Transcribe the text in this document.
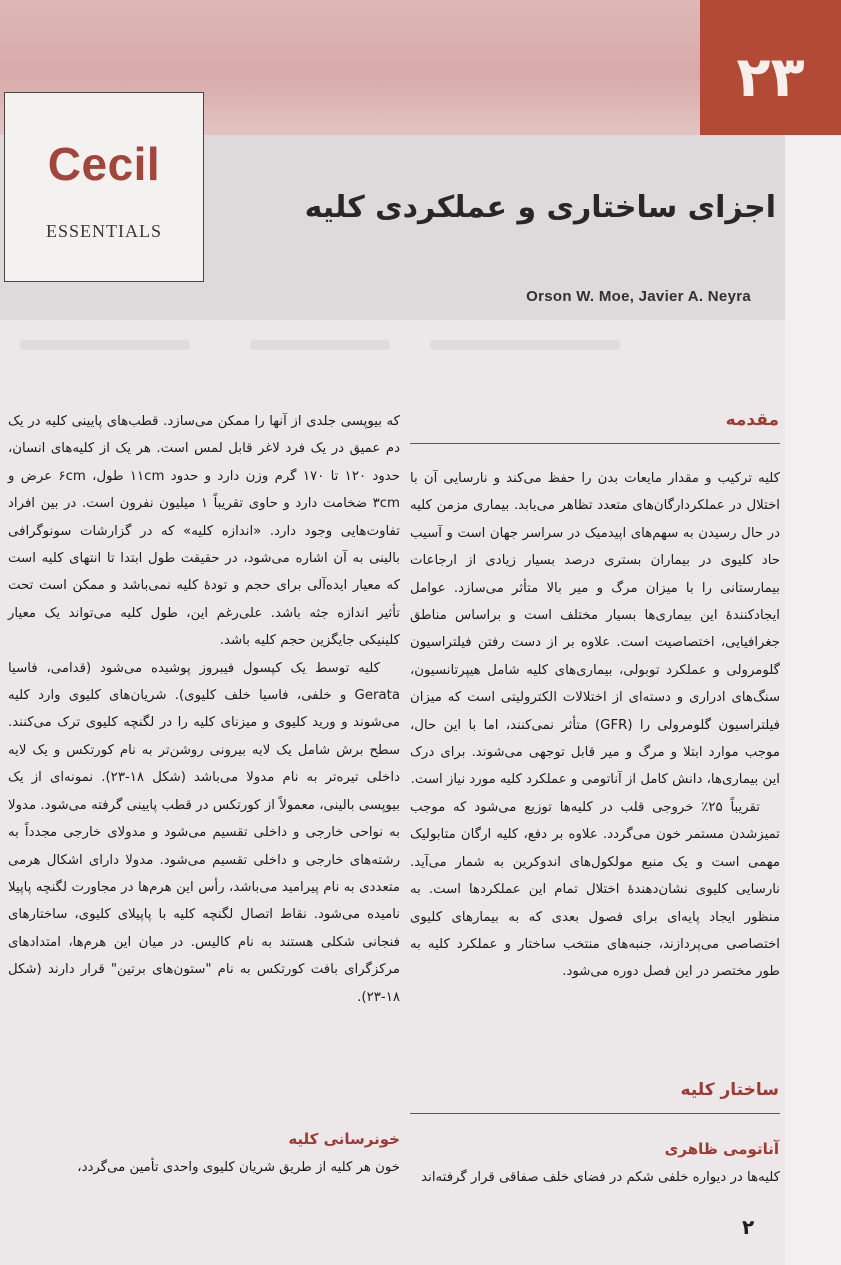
۲۳
Cecil
ESSENTIALS
اجزای ساختاری و عملکردی کلیه
Orson W. Moe, Javier A. Neyra
مقدمه

کلیه ترکیب و مقدار مایعات بدن را حفظ می‌کند و نارسایی آن با اختلال در عملکردارگان‌های متعدد تظاهر می‌یابد. بیماری مزمن کلیه در حال رسیدن به سهم‌های اپیدمیک در سراسر جهان است و آسیب حاد کلیوی در بیماران بستری درصد بسیار زیادی از ارجاعات بیمارستانی را با میزان مرگ و میر بالا متأثر می‌سازد. عوامل ایجادکنندهٔ این بیماری‌ها بسیار مختلف است و براساس مناطق جغرافیایی، اختصاصیت است. علاوه بر از دست رفتن فیلتراسیون گلومرولی و عملکرد توبولی، بیماری‌های کلیه شامل هیپرتانسیون، سنگ‌های ادراری و دسته‌ای از اختلالات الکترولیتی است که میزان فیلتراسیون گلومرولی را (GFR) متأثر نمی‌کنند، اما با این حال، موجب موارد ابتلا و مرگ و میر قابل توجهی می‌شوند. برای درک این بیماری‌ها، دانش کامل از آناتومی و عملکرد کلیه مورد نیاز است.

تقریباً ۲۵٪ خروجی قلب در کلیه‌ها توزیع می‌شود که موجب تمیزشدن مستمر خون می‌گردد. علاوه بر دفع، کلیه ارگان متابولیک مهمی است و یک منبع مولکول‌های اندوکرین به شمار می‌آید. نارسایی کلیوی نشان‌دهندهٔ اختلال تمام این عملکردها است. به منظور ایجاد پایه‌ای برای فصول بعدی که به بیمارهای کلیوی اختصاصی می‌پردازند، جنبه‌های منتخب ساختار و عملکرد کلیه به طور مختصر در این فصل دوره می‌شود.

ساختار کلیه
آناتومی ظاهری
کلیه‌ها در دیواره خلفی شکم در فضای خلف صفاقی قرار گرفته‌اند

که بیوپسی جلدی از آنها را ممکن می‌سازد. قطب‌های پایینی کلیه در یک دم عمیق در یک فرد لاغر قابل لمس است. هر یک از کلیه‌های انسان، حدود ۱۲۰ تا ۱۷۰ گرم وزن دارد و حدود ۱۱cm طول، ۶cm عرض و ۳cm ضخامت دارد و حاوی تقریباً ۱ میلیون نفرون است. در بین افراد تفاوت‌هایی وجود دارد. «اندازه کلیه» که در گزارشات سونوگرافی بالینی به آن اشاره می‌شود، در حقیقت طول ابتدا تا انتهای کلیه است که معیار ایده‌آلی برای حجم و تودهٔ کلیه نمی‌باشد و ممکن است تحت تأثیر اندازه جثه باشد. علی‌رغم این، طول کلیه می‌تواند یک معیار کلینیکی جایگزین حجم کلیه باشد.

کلیه توسط یک کپسول فیبروز پوشیده می‌شود (قدامی، فاسیا Gerata و خلفی، فاسیا خلف کلیوی). شریان‌های کلیوی وارد کلیه می‌شوند و ورید کلیوی و میزنای کلیه را در لگنچه کلیوی ترک می‌کنند. سطح برش شامل یک لایه بیرونی روشن‌تر به نام کورتکس و یک لایه داخلی تیره‌تر به نام مدولا می‌باشد (شکل ۱۸-۲۳). نمونه‌ای از یک بیوپسی بالینی، معمولاً از کورتکس در قطب پایینی گرفته می‌شود. مدولا به نواحی خارجی و داخلی تقسیم می‌شود و مدولای خارجی مجدداً به رشته‌های خارجی و داخلی تقسیم می‌شود. مدولا دارای اشکال هرمی متعددی به نام پیرامید می‌باشد، رأس این هرم‌ها در مجاورت لگنچه پاپیلا نامیده می‌شود. نقاط اتصال لگنچه کلیه با پاپیلای کلیوی، ساختارهای فنجانی شکلی هستند به نام کالیس. در میان این هرم‌ها، امتدادهای مرکزگرای بافت کورتکس به نام "ستون‌های برتین" قرار دارند (شکل ۱۸-۲۳).

خونرسانی کلیه
خون هر کلیه از طریق شریان کلیوی واحدی تأمین می‌گردد،
۲
